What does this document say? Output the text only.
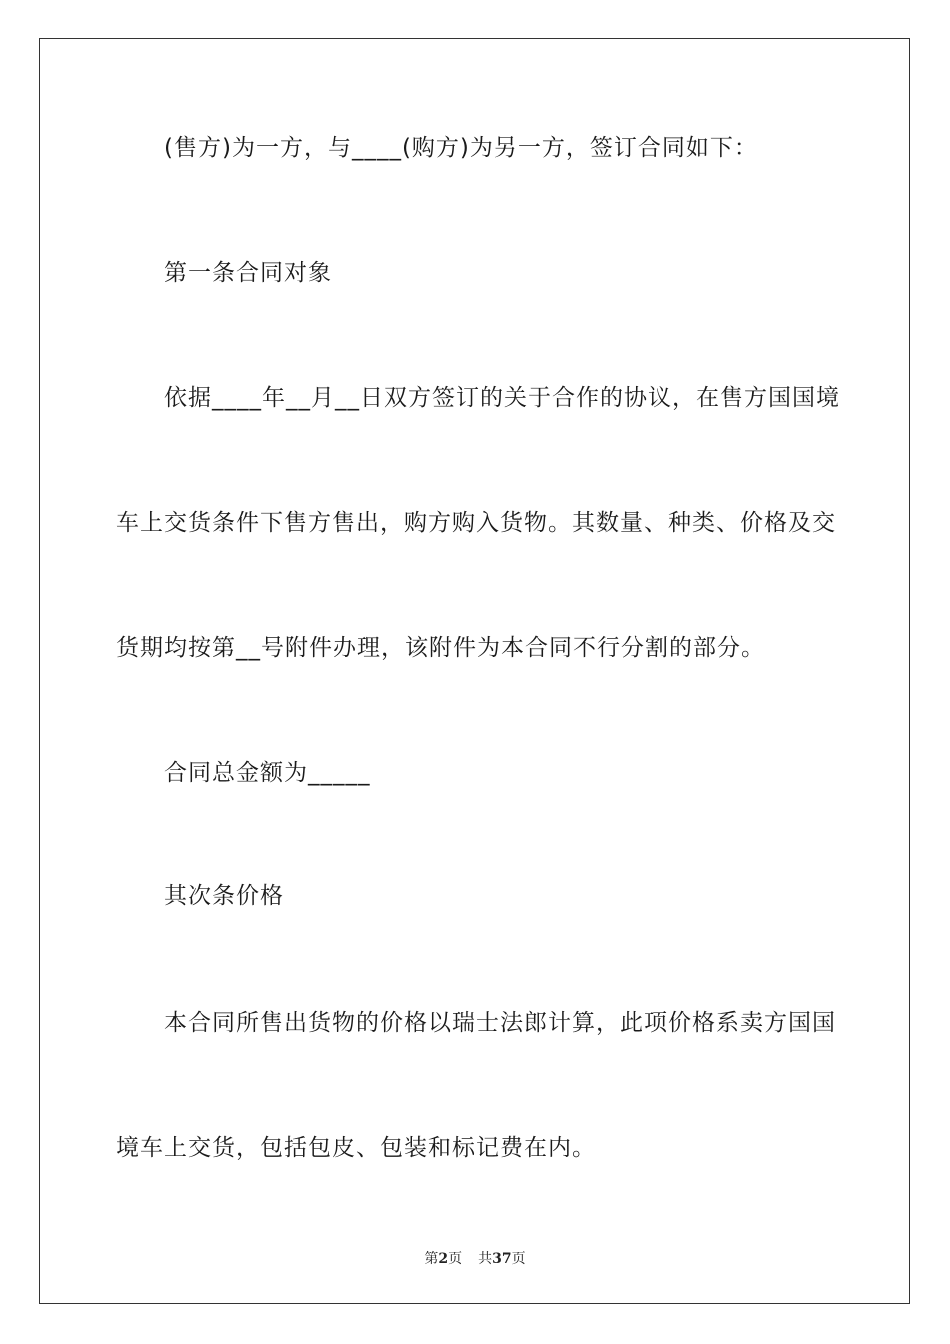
(售方)为一方，与____(购方)为另一方，签订合同如下：
第一条合同对象
依据____年__月__日双方签订的关于合作的协议，在售方国国境
车上交货条件下售方售出，购方购入货物。其数量、种类、价格及交
货期均按第__号附件办理，该附件为本合同不行分割的部分。
合同总金额为_____
其次条价格
本合同所售出货物的价格以瑞士法郎计算，此项价格系卖方国国
境车上交货，包括包皮、包装和标记费在内。
第2页 共37页
